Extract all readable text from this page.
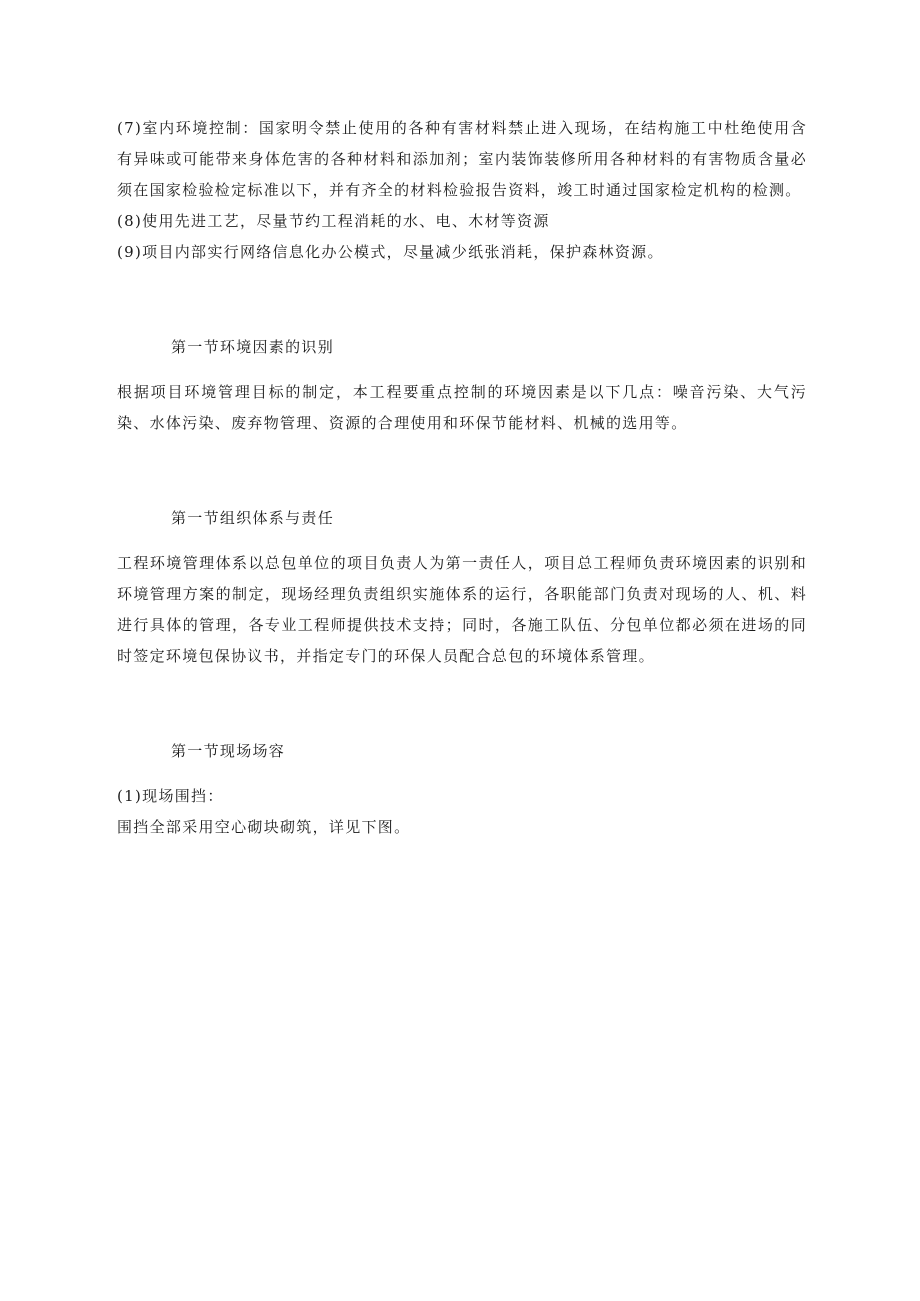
(7)室内环境控制：国家明令禁止使用的各种有害材料禁止进入现场，在结构施工中杜绝使用含有异味或可能带来身体危害的各种材料和添加剂；室内装饰装修所用各种材料的有害物质含量必须在国家检验检定标准以下，并有齐全的材料检验报告资料，竣工时通过国家检定机构的检测。

(8)使用先进工艺，尽量节约工程消耗的水、电、木材等资源

(9)项目内部实行网络信息化办公模式，尽量减少纸张消耗，保护森林资源。

第一节环境因素的识别

根据项目环境管理目标的制定，本工程要重点控制的环境因素是以下几点：噪音污染、大气污染、水体污染、废弃物管理、资源的合理使用和环保节能材料、机械的选用等。

第一节组织体系与责任

工程环境管理体系以总包单位的项目负责人为第一责任人，项目总工程师负责环境因素的识别和环境管理方案的制定，现场经理负责组织实施体系的运行，各职能部门负责对现场的人、机、料进行具体的管理，各专业工程师提供技术支持；同时，各施工队伍、分包单位都必须在进场的同时签定环境包保协议书，并指定专门的环保人员配合总包的环境体系管理。

第一节现场场容

(1)现场围挡：

围挡全部采用空心砌块砌筑，详见下图。
